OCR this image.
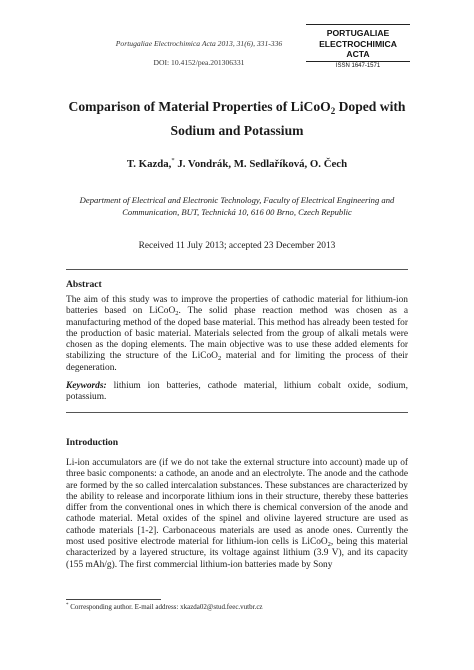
Portugaliae Electrochimica Acta 2013, 31(6), 331-336
DOI: 10.4152/pea.201306331
PORTUGALIAE
ELECTROCHIMICA
ACTA
ISSN 1647-1571
Comparison of Material Properties of LiCoO$_2$ Doped with
Sodium and Potassium
T. Kazda,* J. Vondrák, M. Sedlaříková, O. Čech
Department of Electrical and Electronic Technology, Faculty of Electrical Engineering and
Communication, BUT, Technická 10, 616 00 Brno, Czech Republic
Received 11 July 2013; accepted 23 December 2013
Abstract

The aim of this study was to improve the properties of cathodic material for lithium-ion batteries based on LiCoO$_2$. The solid phase reaction method was chosen as a manufacturing method of the doped base material. This method has already been tested for the production of basic material. Materials selected from the group of alkali metals were chosen as the doping elements. The main objective was to use these added elements for stabilizing the structure of the LiCoO$_2$ material and for limiting the process of their degeneration.

Keywords: lithium ion batteries, cathode material, lithium cobalt oxide, sodium, potassium.

Introduction

Li-ion accumulators are (if we do not take the external structure into account) made up of three basic components: a cathode, an anode and an electrolyte. The anode and the cathode are formed by the so called intercalation substances. These substances are characterized by the ability to release and incorporate lithium ions in their structure, thereby these batteries differ from the conventional ones in which there is chemical conversion of the anode and cathode material. Metal oxides of the spinel and olivine layered structure are used as cathode materials [1-2]. Carbonaceous materials are used as anode ones. Currently the most used positive electrode material for lithium-ion cells is LiCoO$_2$, being this material characterized by a layered structure, its voltage against lithium (3.9 V), and its capacity (155 mAh/g). The first commercial lithium-ion batteries made by Sony

* Corresponding author. E-mail address: xkazda02@stud.feec.vutbr.cz
